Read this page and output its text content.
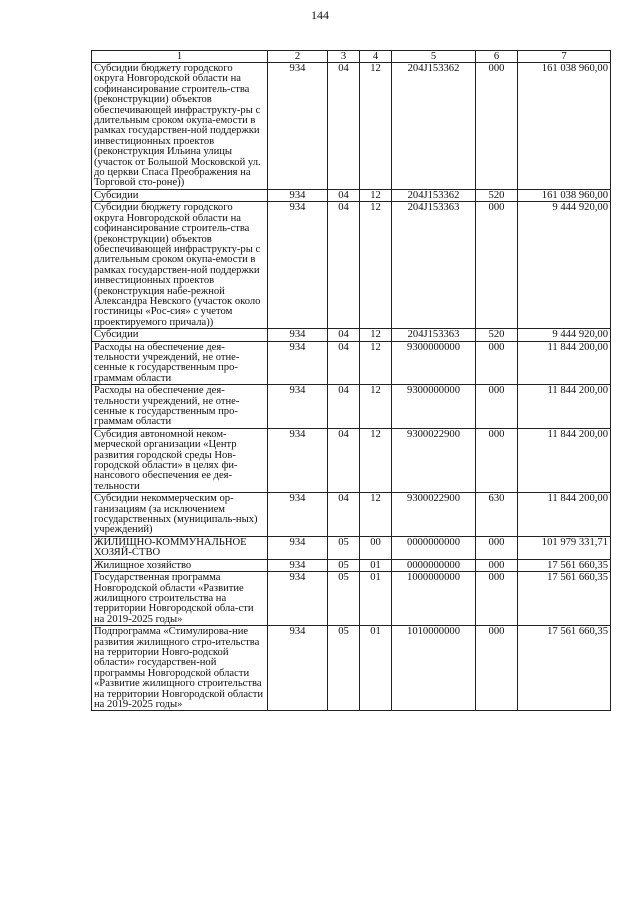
144
1	2	3	4	5	6	7
Субсидии бюджету городского округа Новгородской области на софинансирование строитель-ства (реконструкции) объектов обеспечивающей инфраструкту-ры с длительным сроком окупа-емости в рамках государствен-ной поддержки инвестиционных проектов (реконструкция Ильина улицы (участок от Большой Московской ул. до церкви Спаса Преображения на Торговой сто-роне))	934	04	12	204J153362	000	161 038 960,00
Субсидии	934	04	12	204J153362	520	161 038 960,00
Субсидии бюджету городского округа Новгородской области на софинансирование строитель-ства (реконструкции) объектов обеспечивающей инфраструкту-ры с длительным сроком окупа-емости в рамках государствен-ной поддержки инвестиционных проектов (реконструкция набе-режной Александра Невского (участок около гостиницы «Рос-сия» с учетом проектируемого причала))	934	04	12	204J153363	000	9 444 920,00
Субсидии	934	04	12	204J153363	520	9 444 920,00
Расходы на обеспечение дея-тельности учреждений, не отне-сенные к государственным про-граммам области	934	04	12	9300000000	000	11 844 200,00
Расходы на обеспечение дея-тельности учреждений, не отне-сенные к государственным про-граммам области	934	04	12	9300000000	000	11 844 200,00
Субсидия автономной неком-мерческой организации «Центр развития городской среды Нов-городской области» в целях фи-нансового обеспечения ее дея-тельности	934	04	12	9300022900	000	11 844 200,00
Субсидии некоммерческим ор-ганизациям (за исключением государственных (муниципаль-ных) учреждений)	934	04	12	9300022900	630	11 844 200,00
ЖИЛИЩНО-КОММУНАЛЬНОЕ ХОЗЯЙ-СТВО	934	05	00	0000000000	000	101 979 331,71
Жилищное хозяйство	934	05	01	0000000000	000	17 561 660,35
Государственная программа Новгородской области «Развитие жилищного строительства на территории Новгородской обла-сти на 2019-2025 годы»	934	05	01	1000000000	000	17 561 660,35
Подпрограмма «Стимулирова-ние развития жилищного стро-ительства на территории Новго-родской области» государствен-ной программы Новгородской области «Развитие жилищного строительства на территории Новгородской области на 2019-2025 годы»	934	05	01	1010000000	000	17 561 660,35
